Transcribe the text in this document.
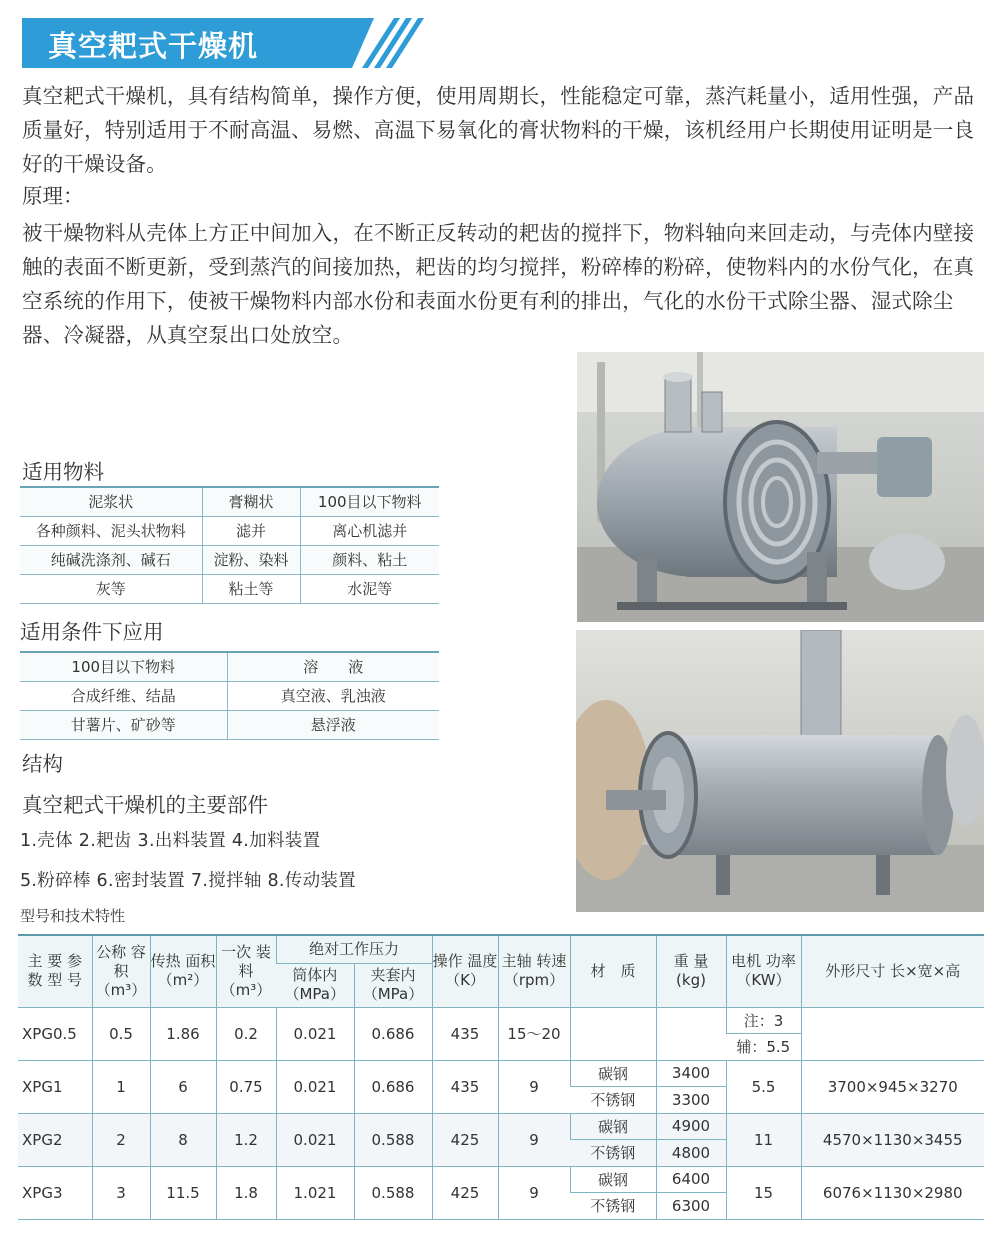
真空耙式干燥机
真空耙式干燥机，具有结构简单，操作方便，使用周期长，性能稳定可靠，蒸汽耗量小，适用性强，产品质量好，特别适用于不耐高温、易燃、高温下易氧化的膏状物料的干燥，该机经用户长期使用证明是一良好的干燥设备。
原理：
被干燥物料从壳体上方正中间加入，在不断正反转动的耙齿的搅拌下，物料轴向来回走动，与壳体内壁接触的表面不断更新，受到蒸汽的间接加热，耙齿的均匀搅拌，粉碎棒的粉碎，使物料内的水份气化，在真空系统的作用下，使被干燥物料内部水份和表面水份更有利的排出，气化的水份干式除尘器、湿式除尘器、冷凝器，从真空泵出口处放空。
适用物料
泥浆状	膏糊状	100目以下物料
各种颜料、泥头状物料	滤并	离心机滤并
纯碱洗涤剂、碱石	淀粉、染料	颜料、粘土
灰等	粘土等	水泥等
适用条件下应用
100目以下物料	溶　　液
合成纤维、结晶	真空液、乳浊液
甘薯片、矿砂等	悬浮液
结构
真空耙式干燥机的主要部件
1.壳体 2.耙齿 3.出料装置 4.加料装置
5.粉碎棒 6.密封装置 7.搅拌轴 8.传动装置
型号和技术特性
主 要 参 数 型 号	公称 容积 （m³）	传热 面积 （m²）	一次 装料 （m³）	绝对工作压力		操作 温度 （K）	主轴 转速 （rpm）	材　质	重 量 (kg)	电机 功率 （KW）	外形尺寸 长×宽×高
				筒体内 （MPa）	夹套内 （MPa）						
XPG0.5	0.5	1.86	0.2	0.021	0.686	435	15～20			注：3	
										辅：5.5	
XPG1	1	6	0.75	0.021	0.686	435	9	碳钢	3400	5.5	3700×945×3270
								不锈钢	3300		
XPG2	2	8	1.2	0.021	0.588	425	9	碳钢	4900	11	4570×1130×3455
								不锈钢	4800		
XPG3	3	11.5	1.8	1.021	0.588	425	9	碳钢	6400	15	6076×1130×2980
								不锈钢	6300		
